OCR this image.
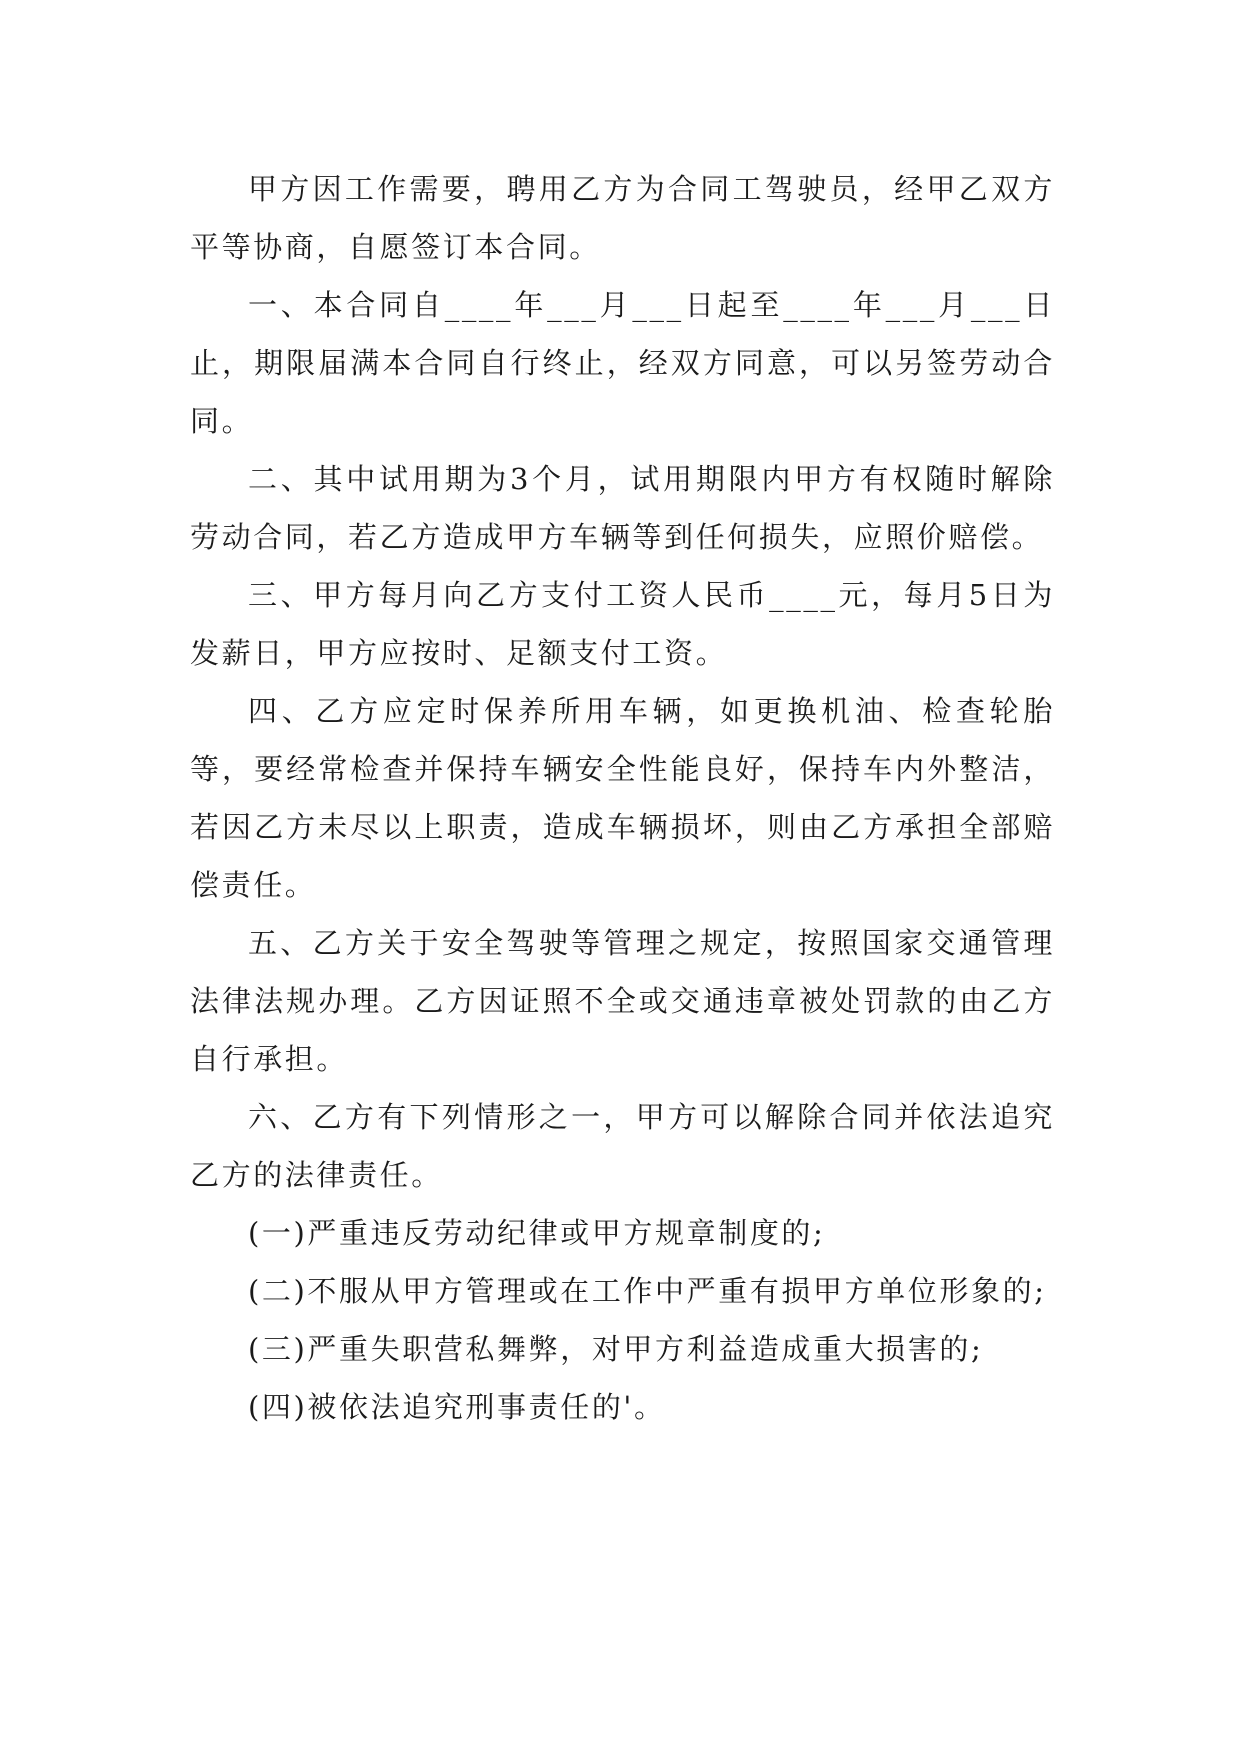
甲方因工作需要，聘用乙方为合同工驾驶员，经甲乙双方平等协商，自愿签订本合同。

一、本合同自____年___月___日起至____年___月___日止，期限届满本合同自行终止，经双方同意，可以另签劳动合同。

二、其中试用期为3个月，试用期限内甲方有权随时解除劳动合同，若乙方造成甲方车辆等到任何损失，应照价赔偿。

三、甲方每月向乙方支付工资人民币____元，每月5日为发薪日，甲方应按时、足额支付工资。

四、乙方应定时保养所用车辆，如更换机油、检查轮胎等，要经常检查并保持车辆安全性能良好，保持车内外整洁，若因乙方未尽以上职责，造成车辆损坏，则由乙方承担全部赔偿责任。

五、乙方关于安全驾驶等管理之规定，按照国家交通管理法律法规办理。乙方因证照不全或交通违章被处罚款的由乙方自行承担。

六、乙方有下列情形之一，甲方可以解除合同并依法追究乙方的法律责任。

(一)严重违反劳动纪律或甲方规章制度的;

(二)不服从甲方管理或在工作中严重有损甲方单位形象的;

(三)严重失职营私舞弊，对甲方利益造成重大损害的;

(四)被依法追究刑事责任的'。
